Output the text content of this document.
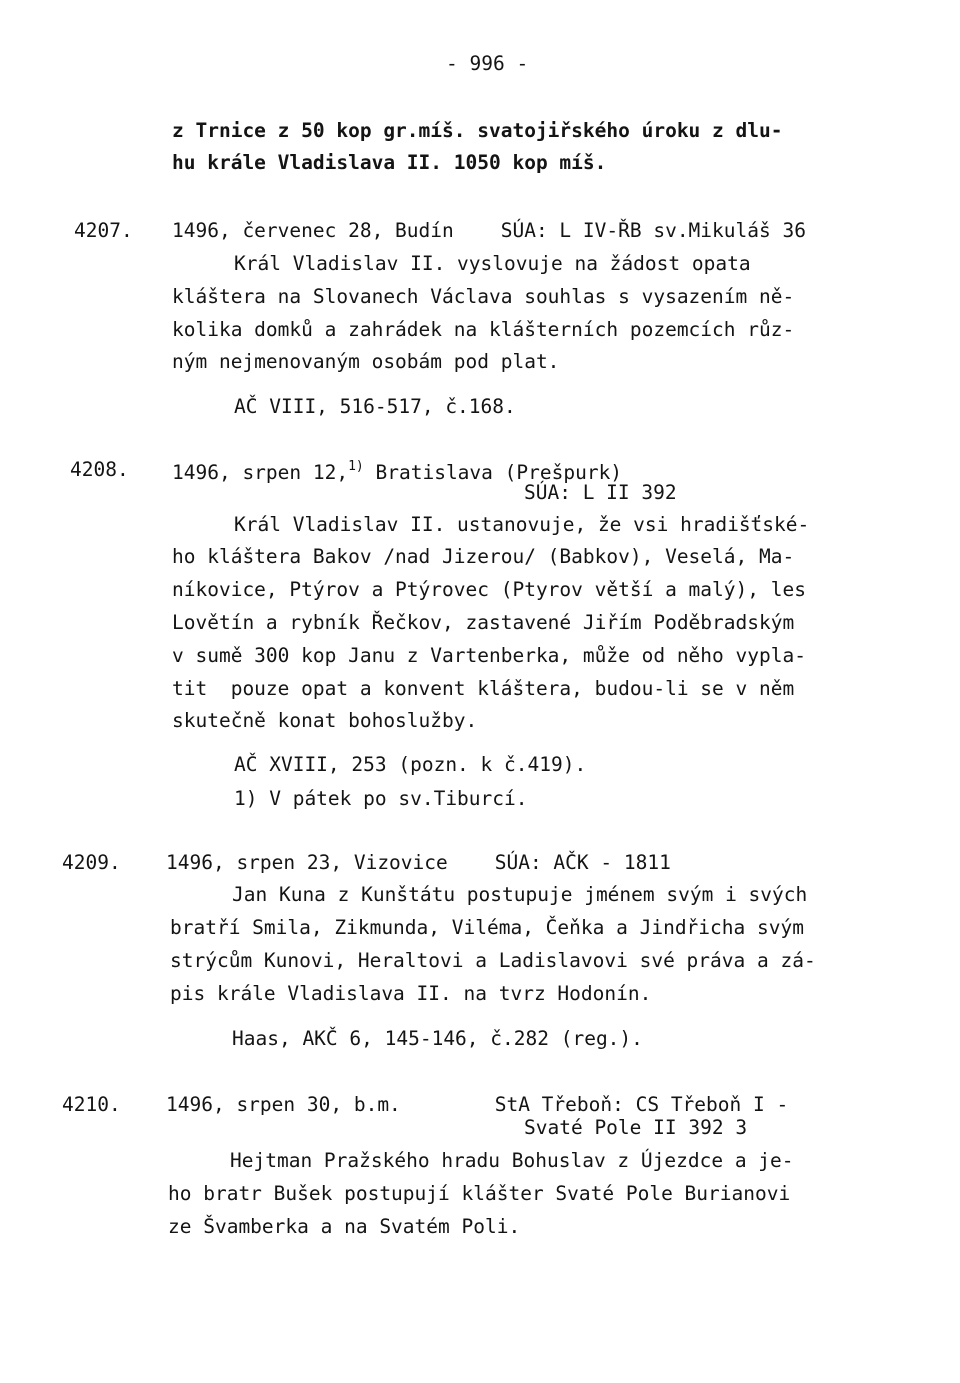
- 996 -
z Trnice z 50 kop gr.míš. svatojiřského úroku z dlu-
hu krále Vladislava II. 1050 kop míš.
4207. 1496, červenec 28, Budín    SÚA: L IV-ŘB sv.Mikuláš 36
Král Vladislav II. vyslovuje na žádost opata
kláštera na Slovanech Václava souhlas s vysazením ně-
kolika domků a zahrádek na klášterních pozemcích růz-
ným nejmenovaným osobám pod plat.
AČ VIII, 516-517, č.168.
4208. 1496, srpen 12,$^{1)}$ Bratislava (Prešpurk)
SÚA: L II 392
Král Vladislav II. ustanovuje, že vsi hradišťské-
ho kláštera Bakov /nad Jizerou/ (Babkov), Veselá, Ma-
níkovice, Ptýrov a Ptýrovec (Ptyrov větší a malý), les
Lovětín a rybník Řečkov, zastavené Jiřím Poděbradským
v sumě 300 kop Janu z Vartenberka, může od něho vypla-
tit  pouze opat a konvent kláštera, budou-li se v něm
skutečně konat bohoslužby.
AČ XVIII, 253 (pozn. k č.419).
1) V pátek po sv.Tiburcí.
4209. 1496, srpen 23, Vizovice    SÚA: AČK - 1811
Jan Kuna z Kunštátu postupuje jménem svým i svých
bratří Smila, Zikmunda, Viléma, Čeňka a Jindřicha svým
strýcům Kunovi, Heraltovi a Ladislavovi své práva a zá-
pis krále Vladislava II. na tvrz Hodonín.
Haas, AKČ 6, 145-146, č.282 (reg.).
4210. 1496, srpen 30, b.m.        StA Třeboň: CS Třeboň I -
Svaté Pole II 392 3
Hejtman Pražského hradu Bohuslav z Újezdce a je-
ho bratr Bušek postupují klášter Svaté Pole Burianovi
ze Švamberka a na Svatém Poli.
